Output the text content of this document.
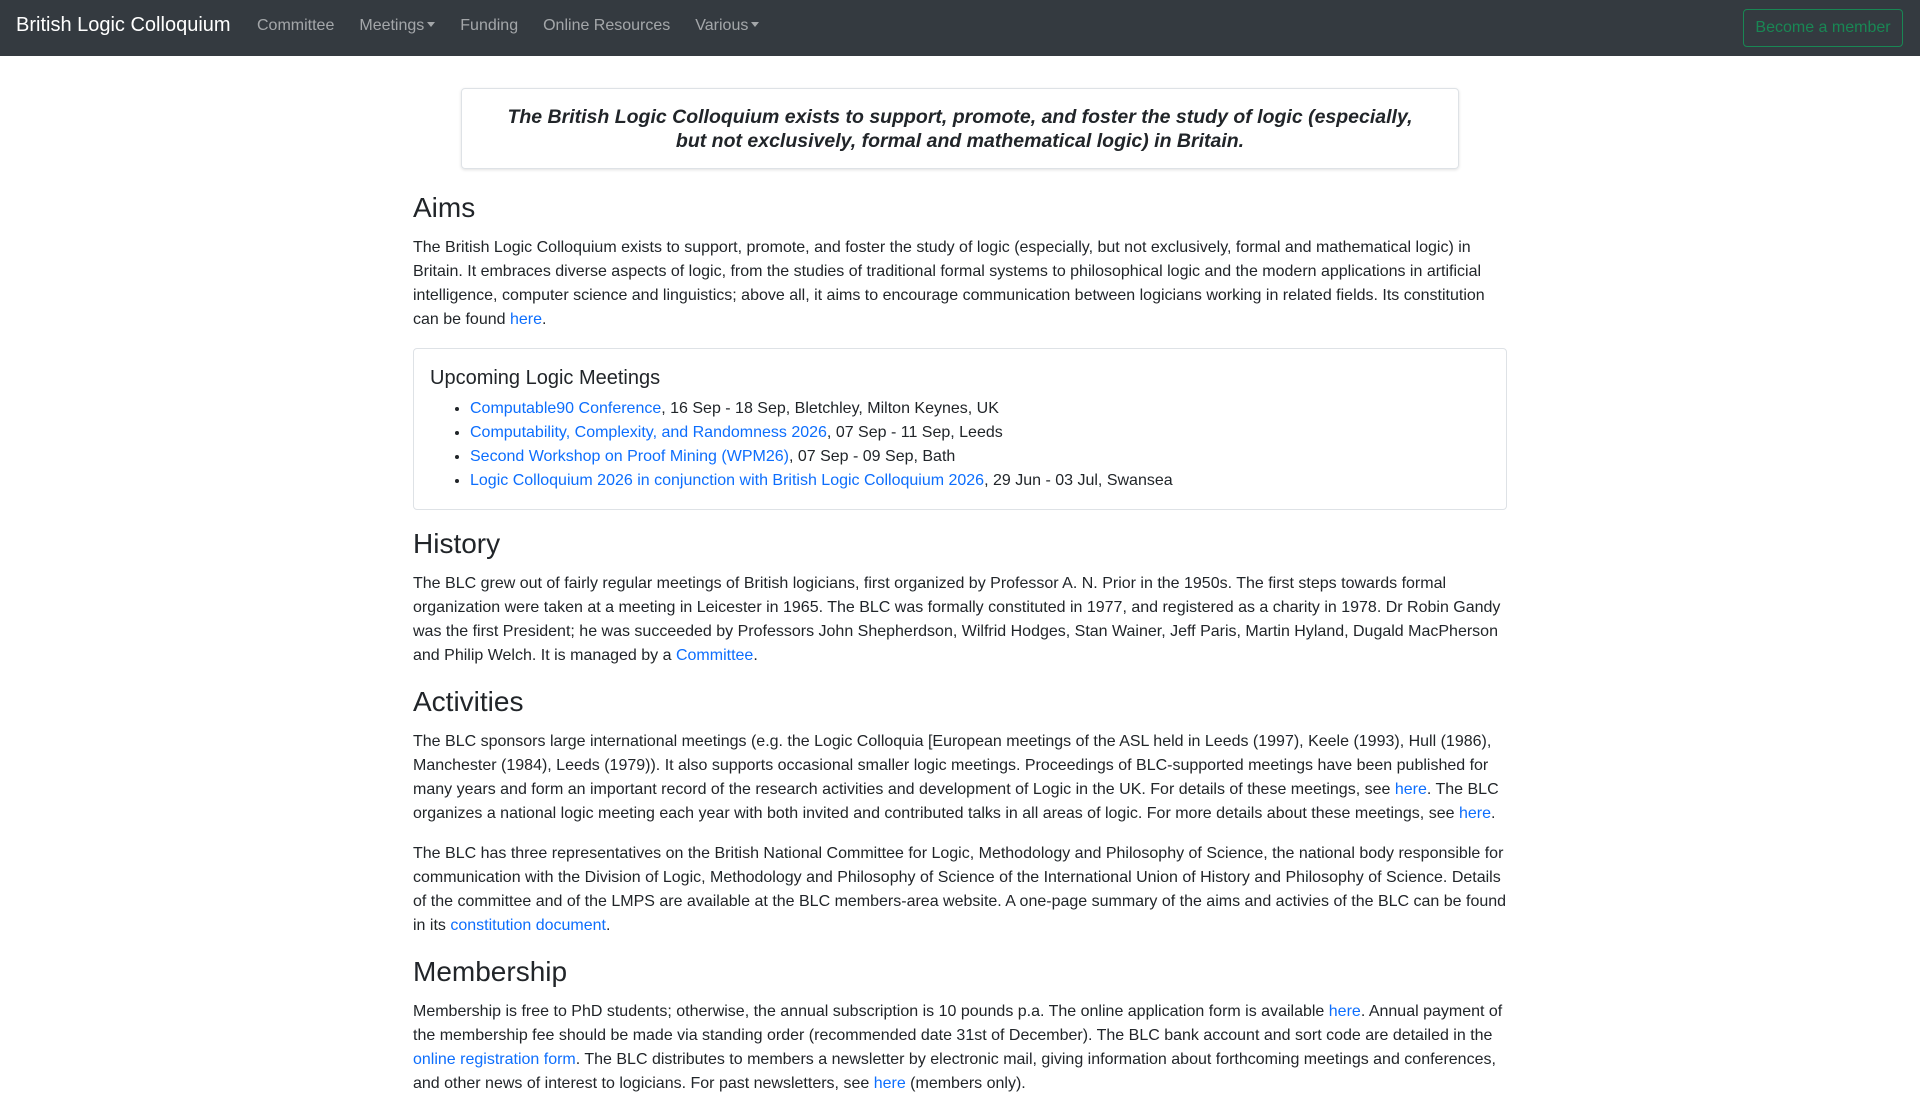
British Logic Colloquium Committee Meetings	Funding Online Resources Various	Become a member
The British Logic Colloquium exists to support, promote, and foster the study of logic (especially, but not exclusively, formal and mathematical logic) in Britain.
Aims

The British Logic Colloquium exists to support, promote, and foster the study of logic (especially, but not exclusively, formal and mathematical logic) in Britain. It embraces diverse aspects of logic, from the studies of traditional formal systems to philosophical logic and the modern applications in artificial intelligence, computer science and linguistics; above all, it aims to encourage communication between logicians working in related fields. Its constitution can be found here.

Upcoming Logic Meetings
• Computable90 Conference, 16 Sep - 18 Sep, Bletchley, Milton Keynes, UK
• Computability, Complexity, and Randomness 2026, 07 Sep - 11 Sep, Leeds
• Second Workshop on Proof Mining (WPM26), 07 Sep - 09 Sep, Bath
• Logic Colloquium 2026 in conjunction with British Logic Colloquium 2026, 29 Jun - 03 Jul, Swansea
History

The BLC grew out of fairly regular meetings of British logicians, first organized by Professor A. N. Prior in the 1950s. The first steps towards formal organization were taken at a meeting in Leicester in 1965. The BLC was formally constituted in 1977, and registered as a charity in 1978. Dr Robin Gandy was the first President; he was succeeded by Professors John Shepherdson, Wilfrid Hodges, Stan Wainer, Jeff Paris, Martin Hyland, Dugald MacPherson and Philip Welch. It is managed by a Committee.

Activities

The BLC sponsors large international meetings (e.g. the Logic Colloquia [European meetings of the ASL held in Leeds (1997), Keele (1993), Hull (1986), Manchester (1984), Leeds (1979)). It also supports occasional smaller logic meetings. Proceedings of BLC-supported meetings have been published for many years and form an important record of the research activities and development of Logic in the UK. For details of these meetings, see here. The BLC organizes a national logic meeting each year with both invited and contributed talks in all areas of logic. For more details about these meetings, see here.

The BLC has three representatives on the British National Committee for Logic, Methodology and Philosophy of Science, the national body responsible for communication with the Division of Logic, Methodology and Philosophy of Science of the International Union of History and Philosophy of Science. Details of the committee and of the LMPS are available at the BLC members-area website. A one-page summary of the aims and activies of the BLC can be found in its constitution document.

Membership

Membership is free to PhD students; otherwise, the annual subscription is 10 pounds p.a. The online application form is available here. Annual payment of the membership fee should be made via standing order (recommended date 31st of December). The BLC bank account and sort code are detailed in the online registration form. The BLC distributes to members a newsletter by electronic mail, giving information about forthcoming meetings and conferences, and other news of interest to logicians. For past newsletters, see here (members only).
